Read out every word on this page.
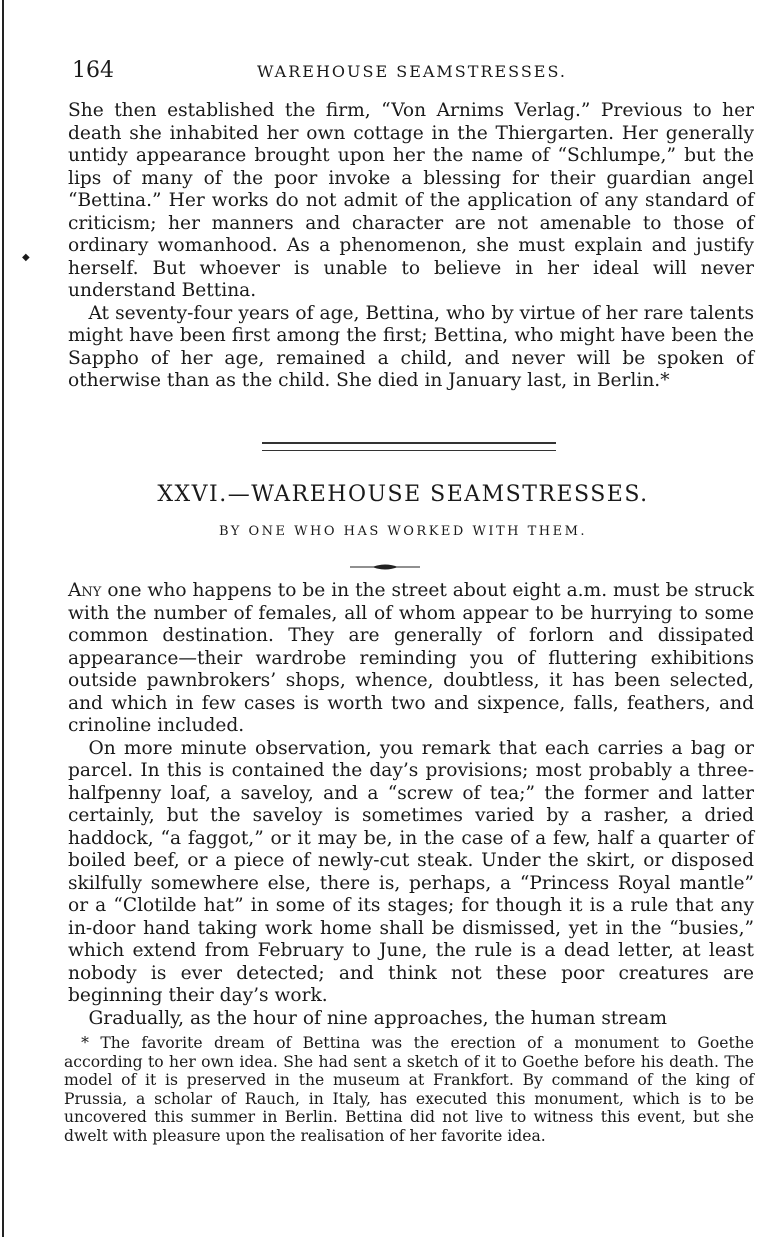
164	WAREHOUSE SEAMSTRESSES.

She then established the firm, “Von Arnims Verlag.” Previous to her death she inhabited her own cottage in the Thiergarten. Her generally untidy appearance brought upon her the name of “Schlumpe,” but the lips of many of the poor invoke a blessing for their guardian angel “Bettina.” Her works do not admit of the application of any standard of criticism; her manners and character are not amenable to those of ordinary womanhood. As a phenomenon, she must explain and justify herself. But whoever is unable to believe in her ideal will never understand Bettina.

At seventy-four years of age, Bettina, who by virtue of her rare talents might have been first among the first; Bettina, who might have been the Sappho of her age, remained a child, and never will be spoken of otherwise than as the child. She died in January last, in Berlin.*

XXVI.—WAREHOUSE SEAMSTRESSES.
BY ONE WHO HAS WORKED WITH THEM.

Any one who happens to be in the street about eight a.m. must be struck with the number of females, all of whom appear to be hurrying to some common destination. They are generally of forlorn and dissipated appearance—their wardrobe reminding you of fluttering exhibitions outside pawnbrokers’ shops, whence, doubtless, it has been selected, and which in few cases is worth two and sixpence, falls, feathers, and crinoline included.

On more minute observation, you remark that each carries a bag or parcel. In this is contained the day’s provisions; most probably a three-halfpenny loaf, a saveloy, and a “screw of tea;” the former and latter certainly, but the saveloy is sometimes varied by a rasher, a dried haddock, “a faggot,” or it may be, in the case of a few, half a quarter of boiled beef, or a piece of newly-cut steak. Under the skirt, or disposed skilfully somewhere else, there is, perhaps, a “Princess Royal mantle” or a “Clotilde hat” in some of its stages; for though it is a rule that any in-door hand taking work home shall be dismissed, yet in the “busies,” which extend from February to June, the rule is a dead letter, at least nobody is ever detected; and think not these poor creatures are beginning their day’s work.

Gradually, as the hour of nine approaches, the human stream

* The favorite dream of Bettina was the erection of a monument to Goethe according to her own idea. She had sent a sketch of it to Goethe before his death. The model of it is preserved in the museum at Frankfort. By command of the king of Prussia, a scholar of Rauch, in Italy, has executed this monument, which is to be uncovered this summer in Berlin. Bettina did not live to witness this event, but she dwelt with pleasure upon the realisation of her favorite idea.

◆
